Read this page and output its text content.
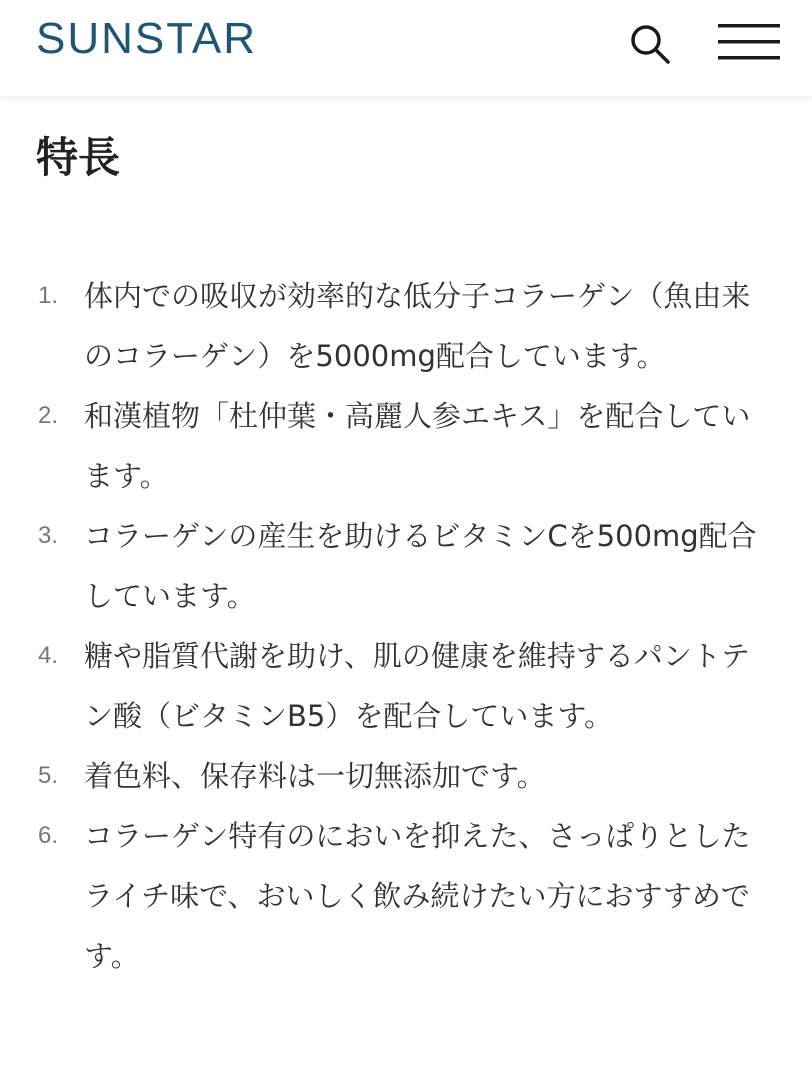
SUNSTAR
特長
1. 体内での吸収が効率的な低分子コラーゲン（魚由来のコラーゲン）を5000mg配合しています。
2. 和漢植物「杜仲葉・高麗人参エキス」を配合しています。
3. コラーゲンの産生を助けるビタミンCを500mg配合しています。
4. 糖や脂質代謝を助け、肌の健康を維持するパントテン酸（ビタミンB5）を配合しています。
5. 着色料、保存料は一切無添加です。
6. コラーゲン特有のにおいを抑えた、さっぱりとしたライチ味で、おいしく飲み続けたい方におすすめです。
